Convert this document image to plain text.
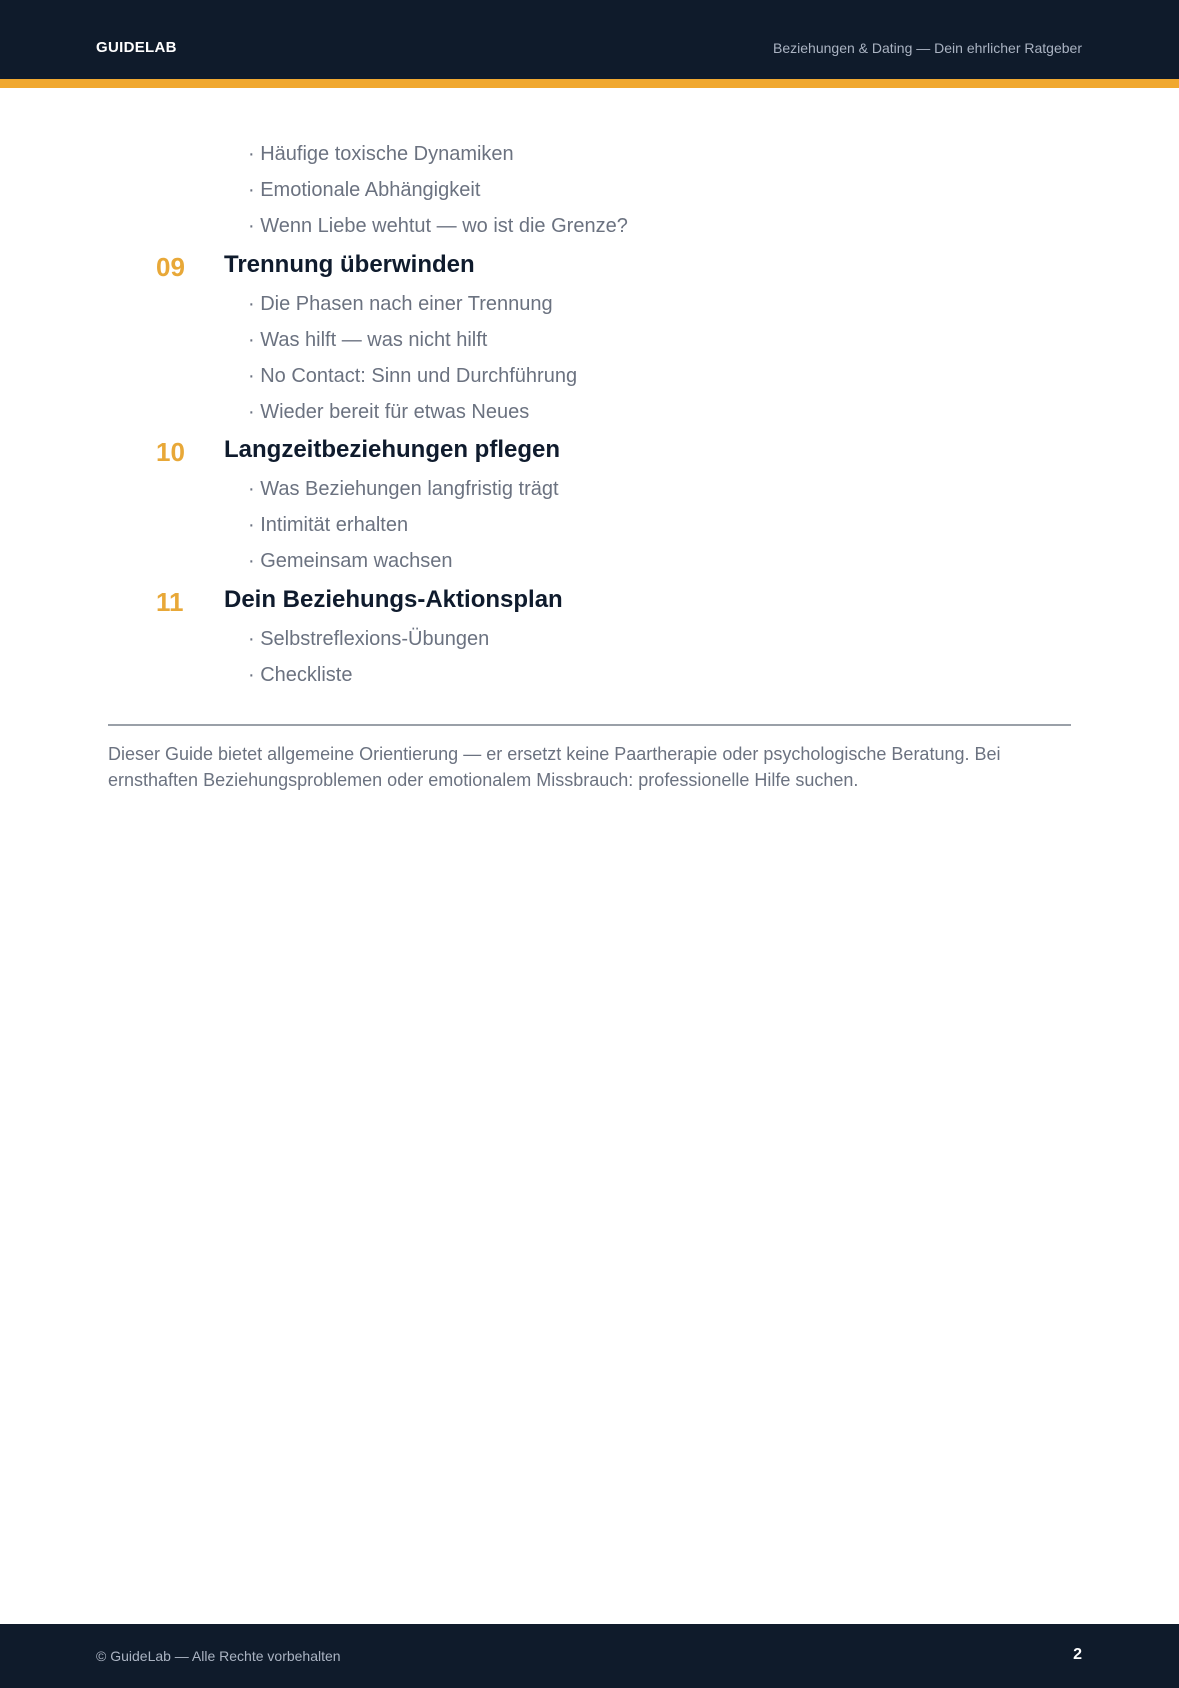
GUIDELAB	Beziehungen & Dating — Dein ehrlicher Ratgeber
· Häufige toxische Dynamiken
· Emotionale Abhängigkeit
· Wenn Liebe wehtut — wo ist die Grenze?
09 Trennung überwinden
· Die Phasen nach einer Trennung
· Was hilft — was nicht hilft
· No Contact: Sinn und Durchführung
· Wieder bereit für etwas Neues
10 Langzeitbeziehungen pflegen
· Was Beziehungen langfristig trägt
· Intimität erhalten
· Gemeinsam wachsen
11 Dein Beziehungs-Aktionsplan
· Selbstreflexions-Übungen
· Checkliste
Dieser Guide bietet allgemeine Orientierung — er ersetzt keine Paartherapie oder psychologische Beratung. Bei ernsthaften Beziehungsproblemen oder emotionalem Missbrauch: professionelle Hilfe suchen.
© GuideLab — Alle Rechte vorbehalten	2
